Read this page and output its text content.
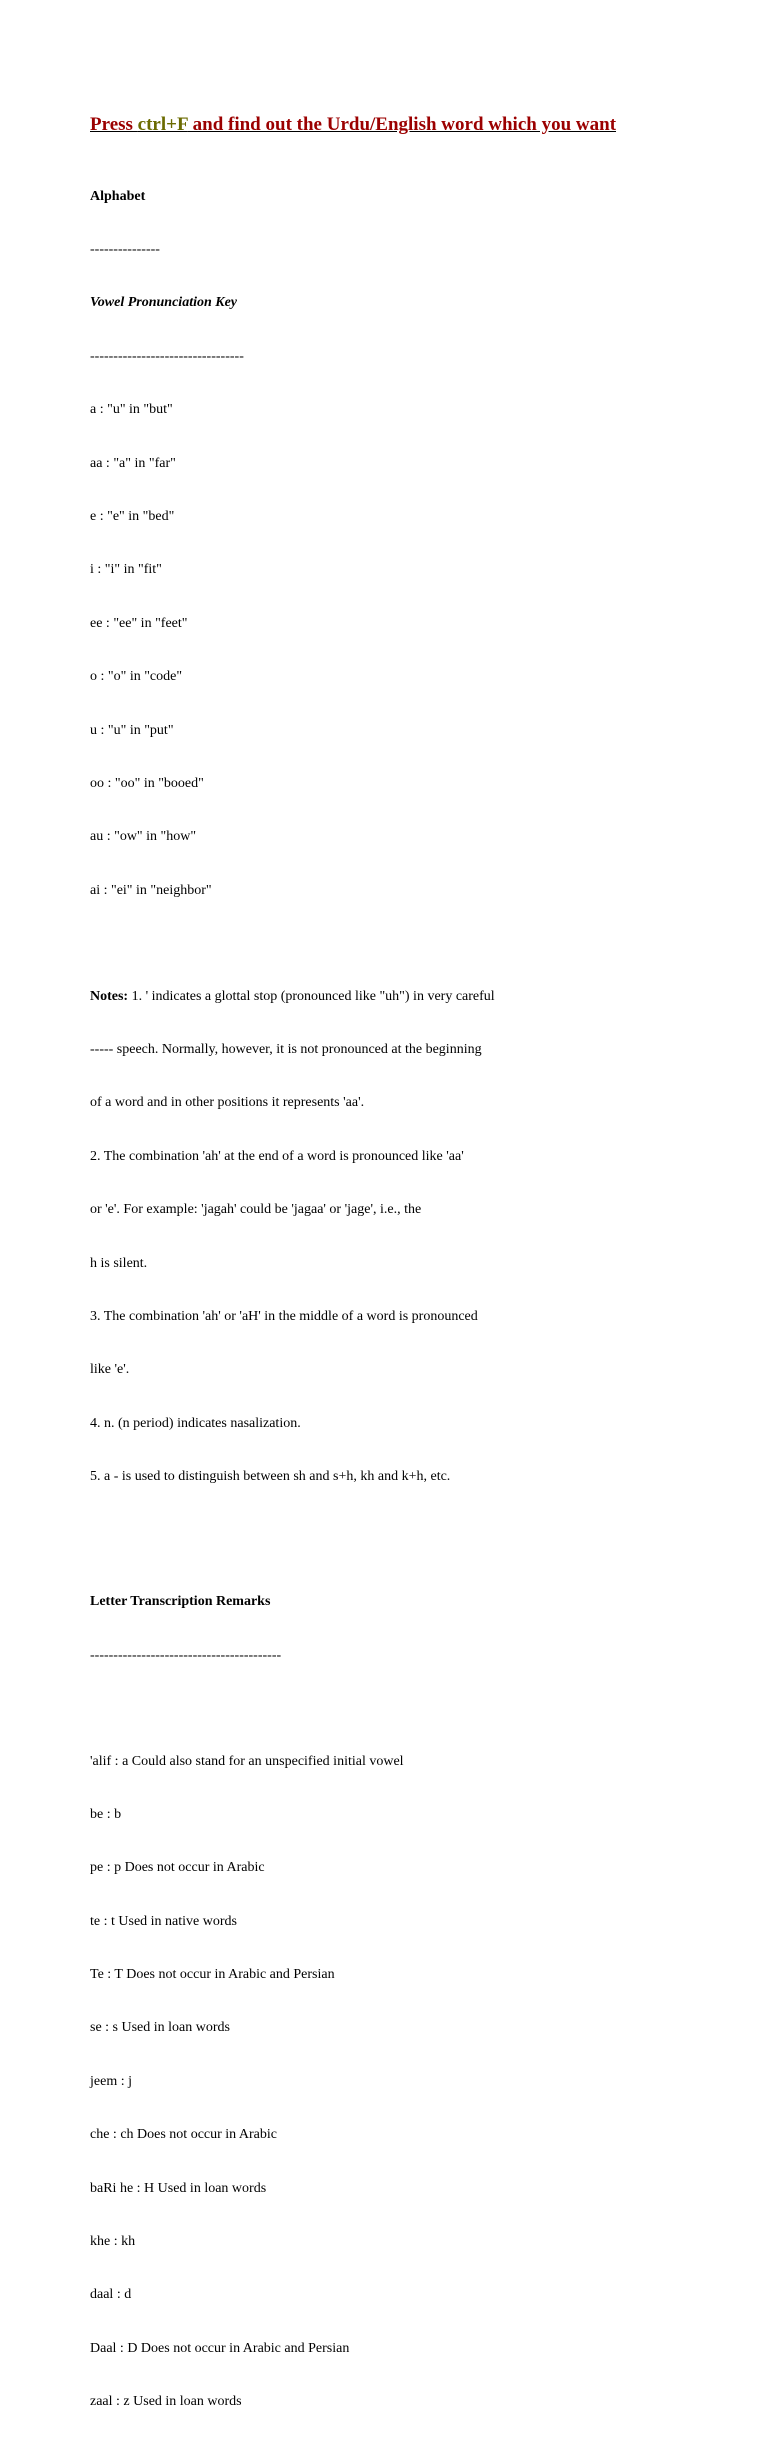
Press ctrl+F and find out the Urdu/English word which you want

Alphabet

---------------

Vowel Pronunciation Key

---------------------------------

a : "u" in "but"

aa : "a" in "far"

e : "e" in "bed"

i : "i" in "fit"

ee : "ee" in "feet"

o : "o" in "code"

u : "u" in "put"

oo : "oo" in "booed"

au : "ow" in "how"

ai : "ei" in "neighbor"

Notes: 1. ' indicates a glottal stop (pronounced like "uh") in very careful

----- speech. Normally, however, it is not pronounced at the beginning

of a word and in other positions it represents 'aa'.

2. The combination 'ah' at the end of a word is pronounced like 'aa'

or 'e'. For example: 'jagah' could be 'jagaa' or 'jage', i.e., the

h is silent.

3. The combination 'ah' or 'aH' in the middle of a word is pronounced

like 'e'.

4. n. (n period) indicates nasalization.

5. a - is used to distinguish between sh and s+h, kh and k+h, etc.

Letter Transcription Remarks

-----------------------------------------

'alif : a Could also stand for an unspecified initial vowel

be : b

pe : p Does not occur in Arabic

te : t Used in native words

Te : T Does not occur in Arabic and Persian

se : s Used in loan words

jeem : j

che : ch Does not occur in Arabic

baRi he : H Used in loan words

khe : kh

daal : d

Daal : D Does not occur in Arabic and Persian

zaal : z Used in loan words
